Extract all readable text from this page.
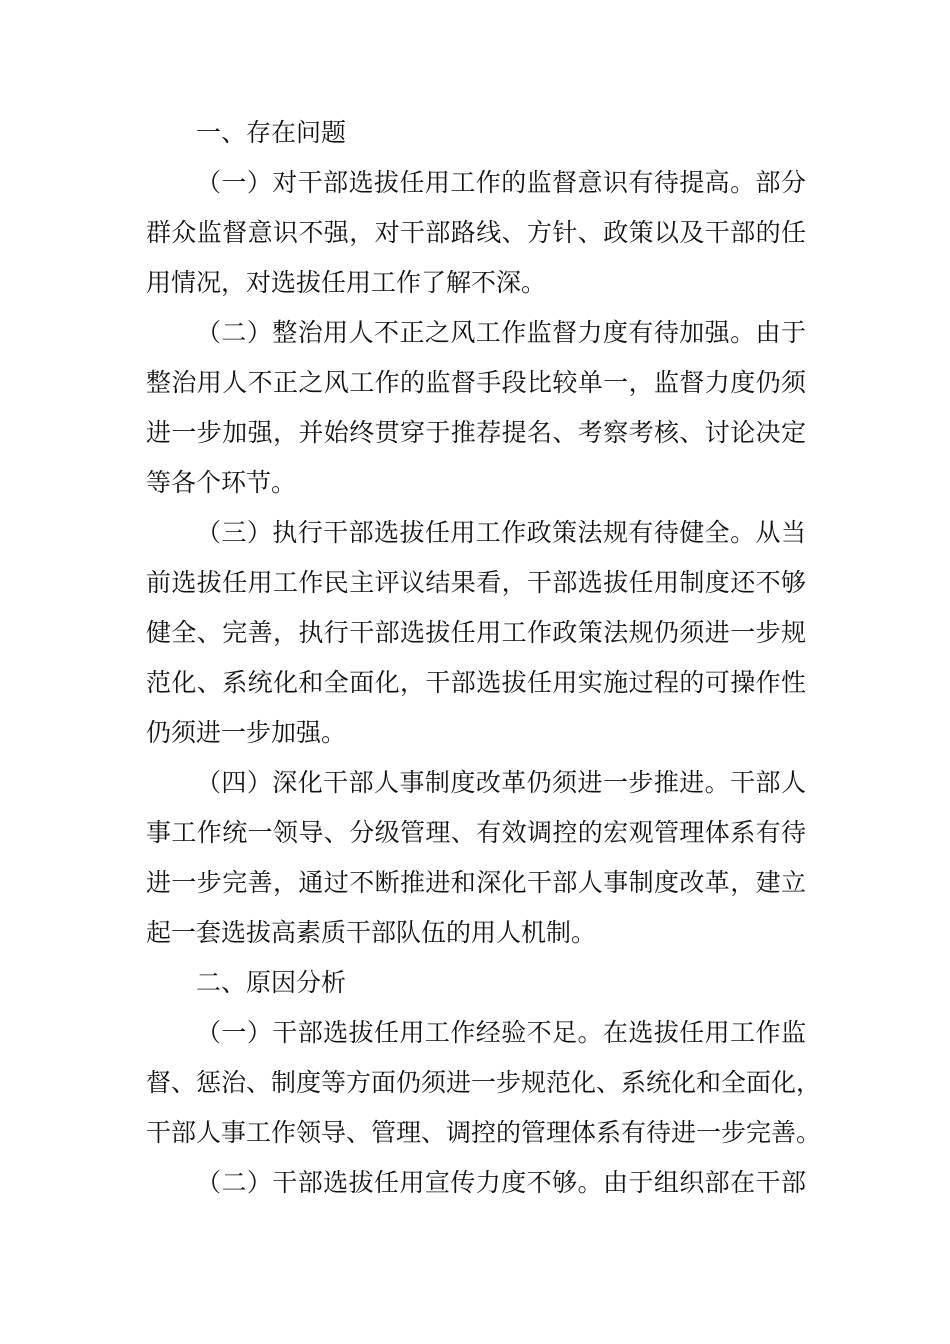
一、存在问题
（一）对干部选拔任用工作的监督意识有待提高。部分
群众监督意识不强，对干部路线、方针、政策以及干部的任
用情况，对选拔任用工作了解不深。
（二）整治用人不正之风工作监督力度有待加强。由于
整治用人不正之风工作的监督手段比较单一，监督力度仍须
进一步加强，并始终贯穿于推荐提名、考察考核、讨论决定
等各个环节。
（三）执行干部选拔任用工作政策法规有待健全。从当
前选拔任用工作民主评议结果看，干部选拔任用制度还不够
健全、完善，执行干部选拔任用工作政策法规仍须进一步规
范化、系统化和全面化，干部选拔任用实施过程的可操作性
仍须进一步加强。
（四）深化干部人事制度改革仍须进一步推进。干部人
事工作统一领导、分级管理、有效调控的宏观管理体系有待
进一步完善，通过不断推进和深化干部人事制度改革，建立
起一套选拔高素质干部队伍的用人机制。
二、原因分析
（一）干部选拔任用工作经验不足。在选拔任用工作监
督、惩治、制度等方面仍须进一步规范化、系统化和全面化，
干部人事工作领导、管理、调控的管理体系有待进一步完善。
（二）干部选拔任用宣传力度不够。由于组织部在干部
